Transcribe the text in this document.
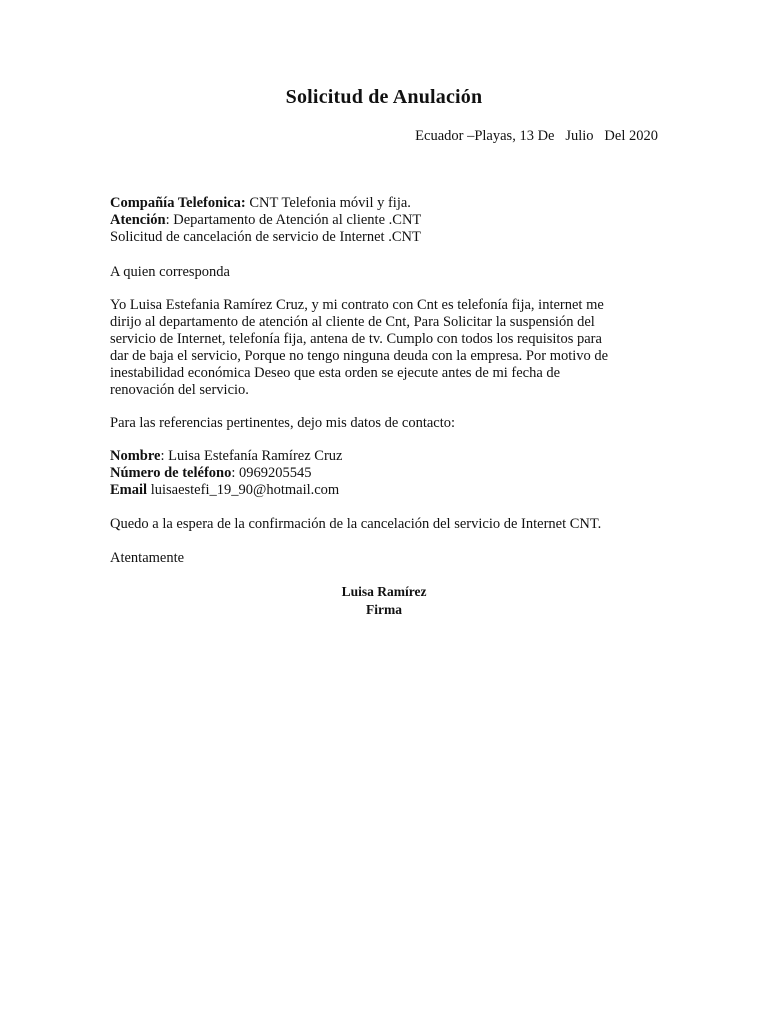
Solicitud de Anulación
Ecuador –Playas, 13 De   Julio   Del 2020
Compañía Telefonica: CNT Telefonia móvil y fija.
Atención: Departamento de Atención al cliente .CNT
Solicitud de cancelación de servicio de Internet .CNT
A quien corresponda
Yo Luisa Estefania Ramírez Cruz, y mi contrato con Cnt es telefonía fija, internet me
dirijo al departamento de atención al cliente de Cnt, Para Solicitar la suspensión del
servicio de Internet, telefonía fija, antena de tv. Cumplo con todos los requisitos para
dar de baja el servicio, Porque no tengo ninguna deuda con la empresa. Por motivo de
inestabilidad económica Deseo que esta orden se ejecute antes de mi fecha de
renovación del servicio.
Para las referencias pertinentes, dejo mis datos de contacto:
Nombre: Luisa Estefanía Ramírez Cruz
Número de teléfono: 0969205545
Email luisaestefi_19_90@hotmail.com
Quedo a la espera de la confirmación de la cancelación del servicio de Internet CNT.
Atentamente
Luisa Ramírez
Firma
